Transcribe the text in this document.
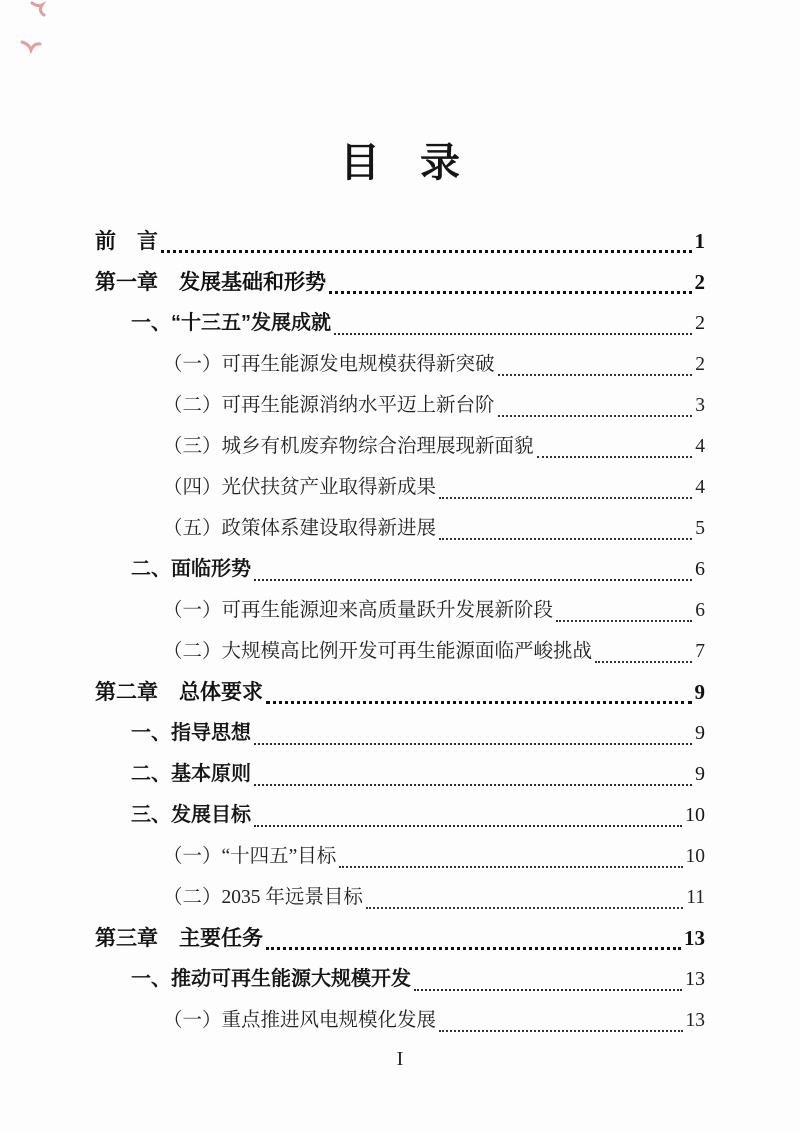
目　录
前　言	1
第一章　发展基础和形势	2
一、“十三五”发展成就	2
（一）可再生能源发电规模获得新突破	2
（二）可再生能源消纳水平迈上新台阶	3
（三）城乡有机废弃物综合治理展现新面貌	4
（四）光伏扶贫产业取得新成果	4
（五）政策体系建设取得新进展	5
二、面临形势	6
（一）可再生能源迎来高质量跃升发展新阶段	6
（二）大规模高比例开发可再生能源面临严峻挑战	7
第二章　总体要求	9
一、指导思想	9
二、基本原则	9
三、发展目标	10
（一）“十四五”目标	10
（二）2035 年远景目标	11
第三章　主要任务	13
一、推动可再生能源大规模开发	13
（一）重点推进风电规模化发展	13
I
